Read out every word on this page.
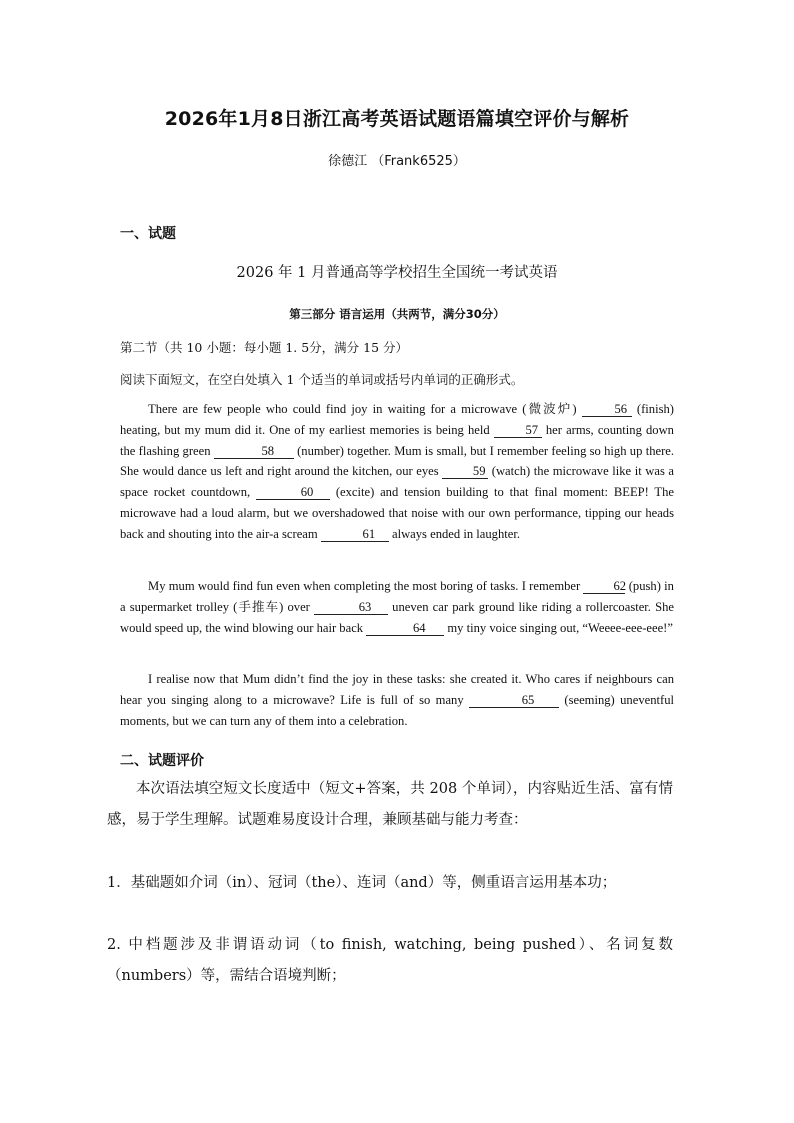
2026年1月8日浙江高考英语试题语篇填空评价与解析
徐德江 （Frank6525）
一、试题
2026 年 1 月普通高等学校招生全国统一考试英语
第三部分 语言运用（共两节，满分30分）
第二节（共 10 小题：每小题 1. 5分，满分 15 分）
阅读下面短文，在空白处填入 1 个适当的单词或括号内单词的正确形式。

There are few people who could find joy in waiting for a microwave (微波炉)	56 (finish) heating, but my mum did it. One of my earliest memories is being held	57 her arms, counting down the flashing green	58 (number) together. Mum is small, but I remember feeling so high up there. She would dance us left and right around the kitchen, our eyes 59 (watch) the microwave like it was a space rocket countdown,	60 (excite) and tension building to that final moment: BEEP! The microwave had a loud alarm, but we overshadowed that noise with our own performance, tipping our heads back and shouting into the air-a scream	61 always ended in laughter.

My mum would find fun even when completing the most boring of tasks. I remember 62 (push) in a supermarket trolley (手推车) over	63 uneven car park ground like riding a rollercoaster. She would speed up, the wind blowing our hair back	64 my tiny voice singing out, “Weeee-eee-eee!”

I realise now that Mum didn’t find the joy in these tasks: she created it. Who cares if neighbours can hear you singing along to a microwave? Life is full of so many	65 (seeming) uneventful moments, but we can turn any of them into a celebration.

二、试题评价

本次语法填空短文长度适中（短文+答案，共 208 个单词），内容贴近生活、富有情感，易于学生理解。试题难易度设计合理，兼顾基础与能力考查：

1．基础题如介词（in）、冠词（the）、连词（and）等，侧重语言运用基本功；

2. 中档题涉及非谓语动词（to finish, watching, being pushed）、名词复数（numbers）等，需结合语境判断；
